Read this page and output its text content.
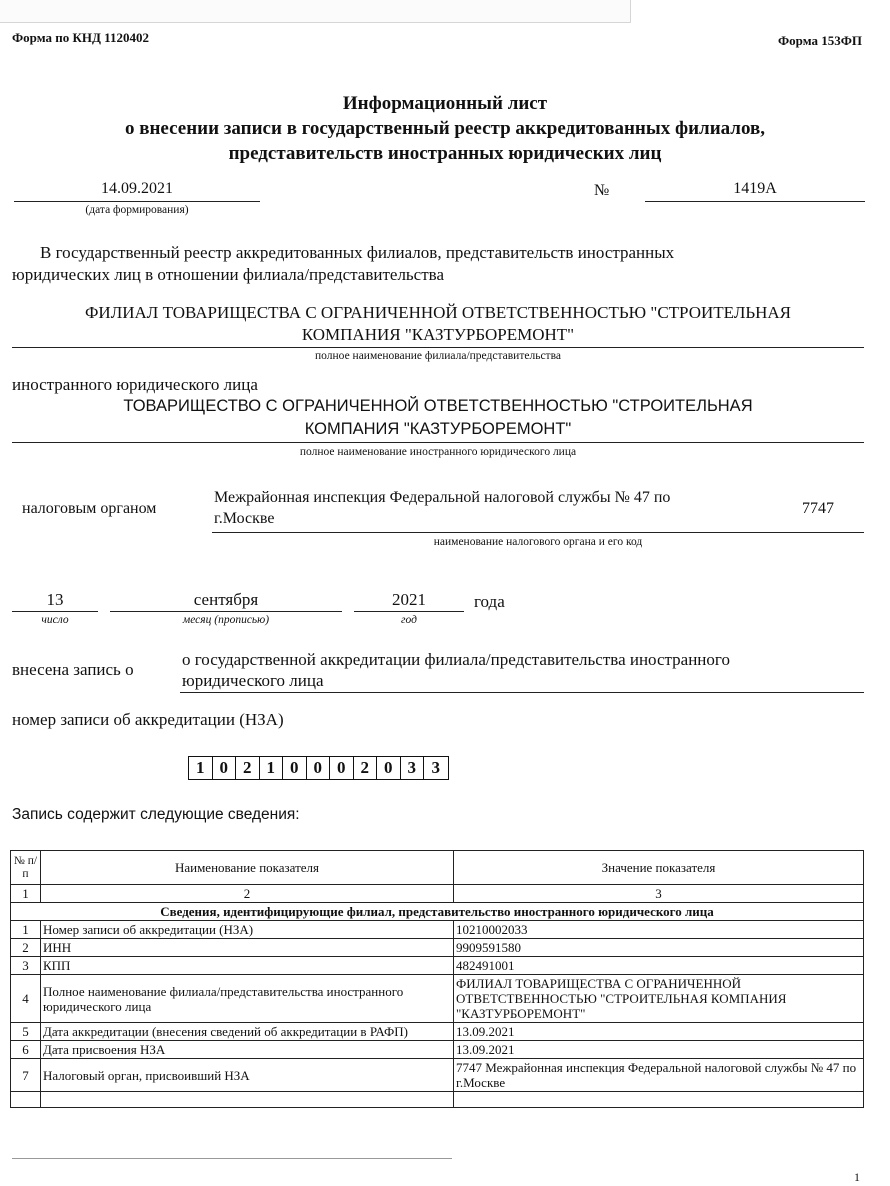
Форма по КНД 1120402	Форма 153ФП
Информационный лист
о внесении записи в государственный реестр аккредитованных филиалов,
представительств иностранных юридических лиц
14.09.2021
(дата формирования)
№	1419А
В государственный реестр аккредитованных филиалов, представительств иностранных
юридических лиц в отношении филиала/представительства
ФИЛИАЛ ТОВАРИЩЕСТВА С ОГРАНИЧЕННОЙ ОТВЕТСТВЕННОСТЬЮ "СТРОИТЕЛЬНАЯ
КОМПАНИЯ "КАЗТУРБОРЕМОНТ"
полное наименование филиала/представительства
иностранного юридического лица
ТОВАРИЩЕСТВО С ОГРАНИЧЕННОЙ ОТВЕТСТВЕННОСТЬЮ "СТРОИТЕЛЬНАЯ
КОМПАНИЯ "КАЗТУРБОРЕМОНТ"
полное наименование иностранного юридического лица
налоговым органом
Межрайонная инспекция Федеральной налоговой службы № 47 по
г.Москве
7747
наименование налогового органа и его код
13
число
сентября
месяц (прописью)
2021
год
года
внесена запись о
о государственной аккредитации филиала/представительства иностранного
юридического лица
номер записи об аккредитации (НЗА)
1 0 2 1 0 0 0 2 0 3 3
Запись содержит следующие сведения:
№ п/п	Наименование показателя	Значение показателя
1	2	3
Сведения, идентифицирующие филиал, представительство иностранного юридического лица		
1	Номер записи об аккредитации (НЗА)	10210002033
2	ИНН	9909591580
3	КПП	482491001
4	Полное наименование филиала/представительства иностранного юридического лица	ФИЛИАЛ ТОВАРИЩЕСТВА С ОГРАНИЧЕННОЙ ОТВЕТСТВЕННОСТЬЮ "СТРОИТЕЛЬНАЯ КОМПАНИЯ "КАЗТУРБОРЕМОНТ"
5	Дата аккредитации (внесения сведений об аккредитации в РАФП)	13.09.2021
6	Дата присвоения НЗА	13.09.2021
7	Налоговый орган, присвоивший НЗА	7747 Межрайонная инспекция Федеральной налоговой службы № 47 по г.Москве

1
